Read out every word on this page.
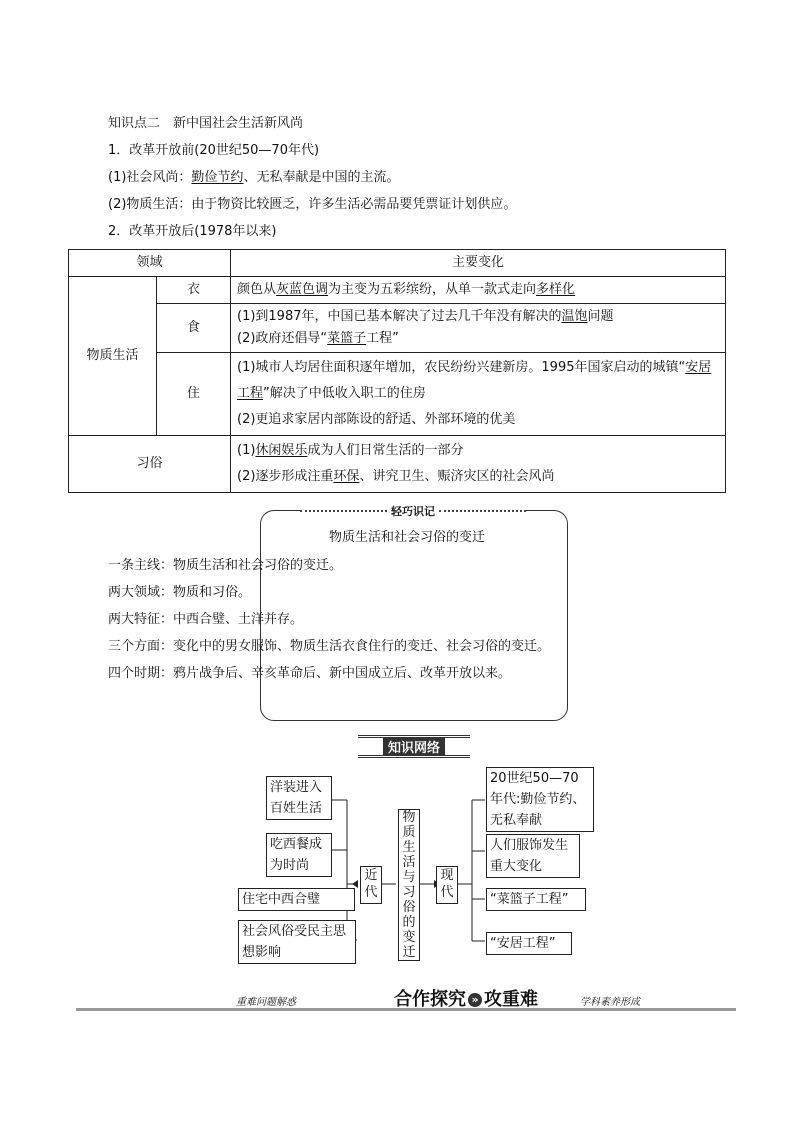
知识点二　新中国社会生活新风尚
1．改革开放前(20世纪50—70年代)
(1)社会风尚：勤俭节约、无私奉献是中国的主流。
(2)物质生活：由于物资比较匮乏，许多生活必需品要凭票证计划供应。
2．改革开放后(1978年以来)
领域		主要变化
物质生活	衣	颜色从灰蓝色调为主变为五彩缤纷，从单一款式走向多样化
	食	(1)到1987年，中国已基本解决了过去几千年没有解决的温饱问题
(2)政府还倡导“菜篮子工程”

	住	(1)城市人均居住面积逐年增加，农民纷纷兴建新房。1995年国家启动的城镇“安居工程”解决了中低收入职工的住房
(2)更追求家居内部陈设的舒适、外部环境的优美

习俗		(1)休闲娱乐成为人们日常生活的一部分
(2)逐步形成注重环保、讲究卫生、赈济灾区的社会风尚
轻巧识记
物质生活和社会习俗的变迁
一条主线：物质生活和社会习俗的变迁。
两大领域：物质和习俗。
两大特征：中西合璧、土洋并存。
三个方面：变化中的男女服饰、物质生活衣食住行的变迁、社会习俗的变迁。
四个时期：鸦片战争后、辛亥革命后、新中国成立后、改革开放以来。
知识网络
洋装进入百姓生活
吃西餐成为时尚
住宅中西合璧
社会风俗受民主思想影响
近代
物质生活与习俗的变迁
现代
20世纪50—70年代:勤俭节约、无私奉献
人们服饰发生重大变化
“菜篮子工程”
“安居工程”
重难问题解惑	合作探究 » 攻重难	学科素养形成
